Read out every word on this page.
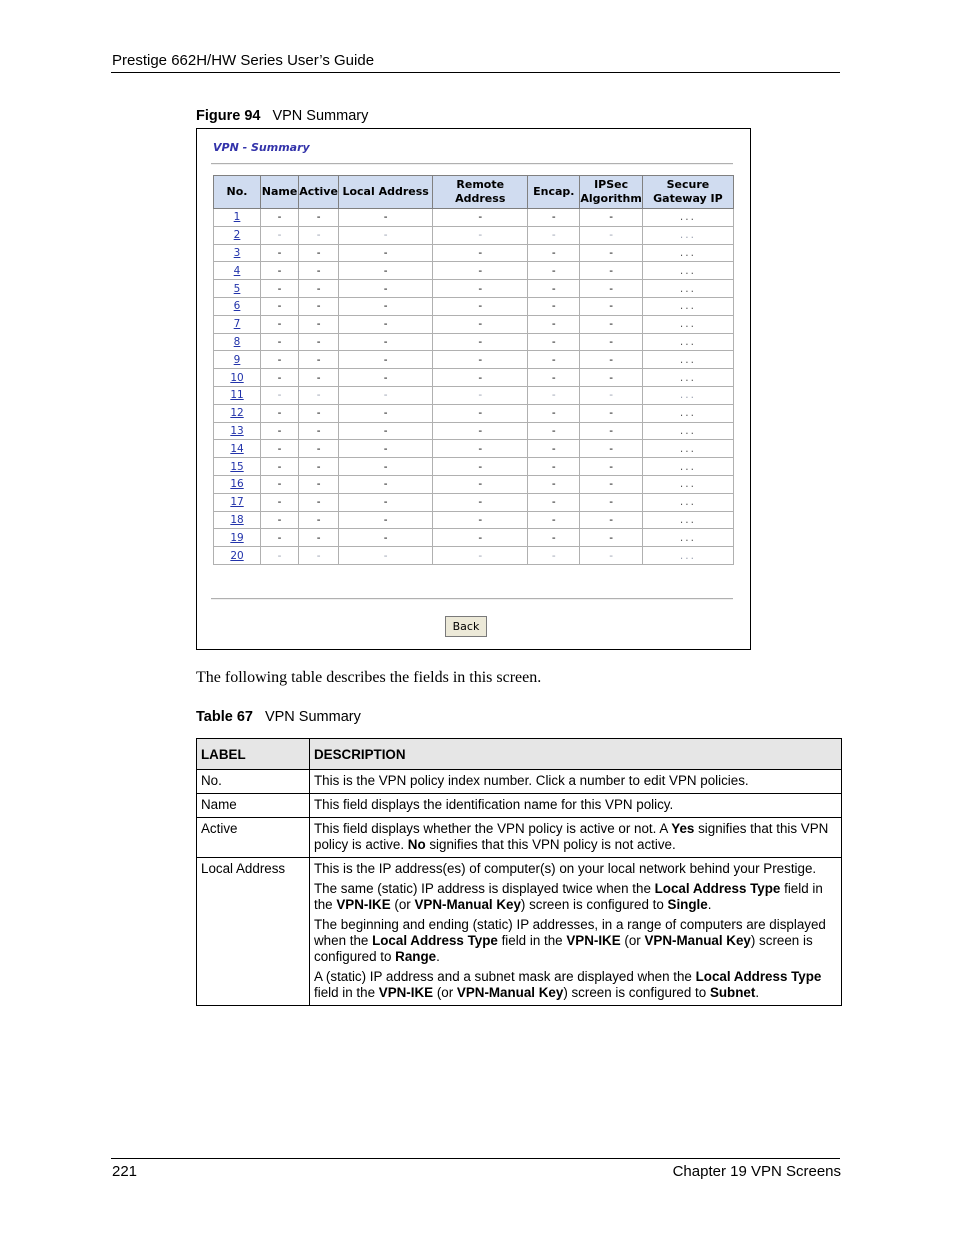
Prestige 662H/HW Series User’s Guide
Figure 94 VPN Summary
VPN - Summary
No.	Name	Active	Local Address	Remote Address	Encap.	IPSec Algorithm	Secure Gateway IP
1	-	-	-	-	-	-	...
2	-	-	-	-	-	-	...
3	-	-	-	-	-	-	...
4	-	-	-	-	-	-	...
5	-	-	-	-	-	-	...
6	-	-	-	-	-	-	...
7	-	-	-	-	-	-	...
8	-	-	-	-	-	-	...
9	-	-	-	-	-	-	...
10	-	-	-	-	-	-	...
11	-	-	-	-	-	-	...
12	-	-	-	-	-	-	...
13	-	-	-	-	-	-	...
14	-	-	-	-	-	-	...
15	-	-	-	-	-	-	...
16	-	-	-	-	-	-	...
17	-	-	-	-	-	-	...
18	-	-	-	-	-	-	...
19	-	-	-	-	-	-	...
20	-	-	-	-	-	-	...
Back
The following table describes the fields in this screen.
Table 67 VPN Summary
LABEL	DESCRIPTION
No.	This is the VPN policy index number. Click a number to edit VPN policies.

Name	This field displays the identification name for this VPN policy.

Active	This field displays whether the VPN policy is active or not. A Yes signifies that this VPN policy is active. No signifies that this VPN policy is not active.

Local Address	This is the IP address(es) of computer(s) on your local network behind your Prestige.

The same (static) IP address is displayed twice when the Local Address Type field in the VPN-IKE (or VPN-Manual Key) screen is configured to Single.

The beginning and ending (static) IP addresses, in a range of computers are displayed when the Local Address Type field in the VPN-IKE (or VPN-Manual Key) screen is configured to Range.

A (static) IP address and a subnet mask are displayed when the Local Address Type field in the VPN-IKE (or VPN-Manual Key) screen is configured to Subnet.

221	Chapter 19 VPN Screens
